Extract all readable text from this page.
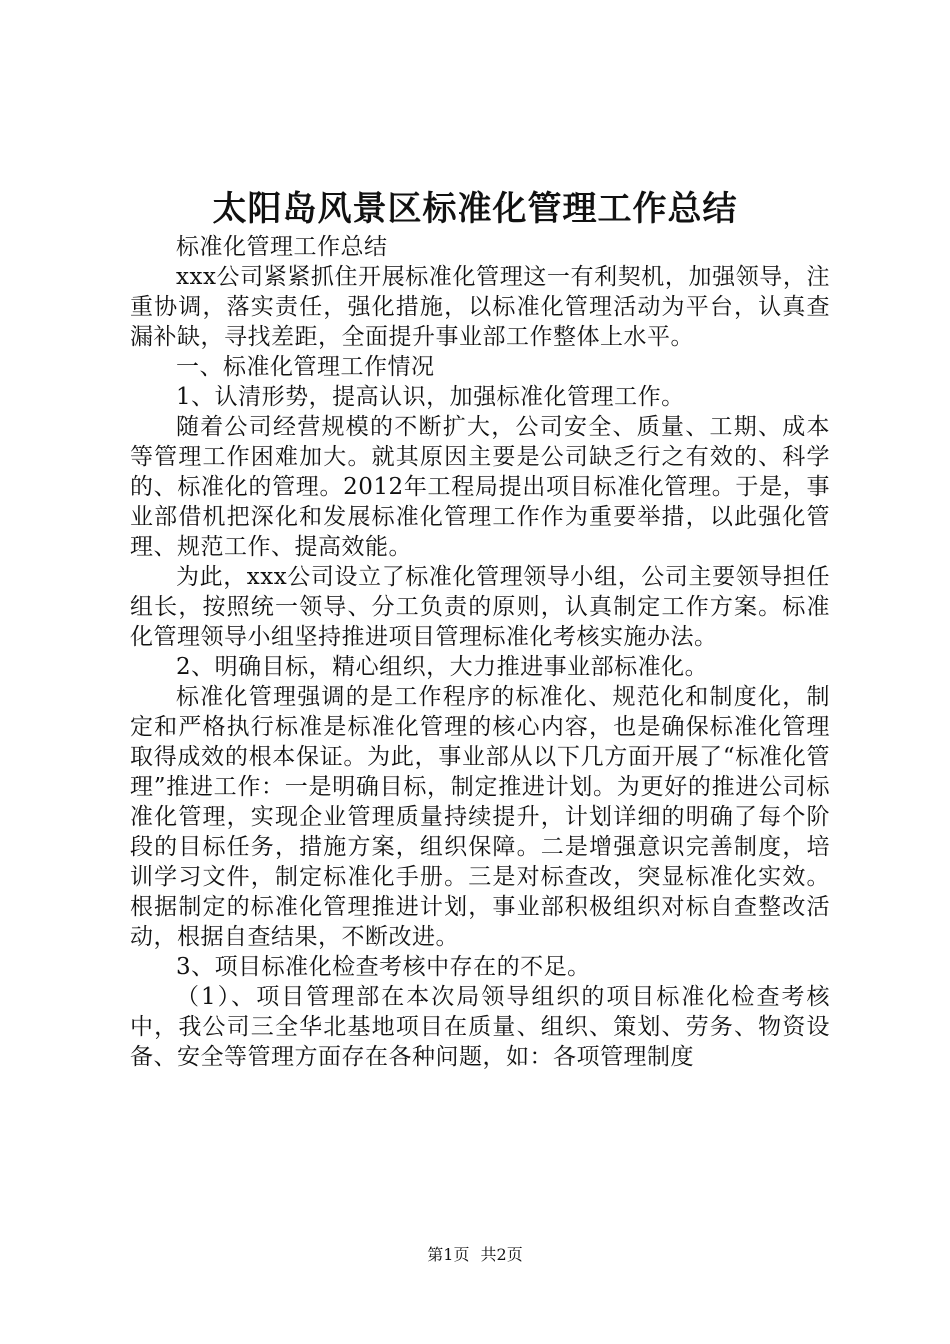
太阳岛风景区标准化管理工作总结

标准化管理工作总结

xxx公司紧紧抓住开展标准化管理这一有利契机，加强领导，注重协调，落实责任，强化措施，以标准化管理活动为平台，认真查漏补缺，寻找差距，全面提升事业部工作整体上水平。

一、标准化管理工作情况

1、认清形势，提高认识，加强标准化管理工作。

随着公司经营规模的不断扩大，公司安全、质量、工期、成本等管理工作困难加大。就其原因主要是公司缺乏行之有效的、科学的、标准化的管理。2012年工程局提出项目标准化管理。于是，事业部借机把深化和发展标准化管理工作作为重要举措，以此强化管理、规范工作、提高效能。

为此，xxx公司设立了标准化管理领导小组，公司主要领导担任组长，按照统一领导、分工负责的原则，认真制定工作方案。标准化管理领导小组坚持推进项目管理标准化考核实施办法。

2、明确目标，精心组织，大力推进事业部标准化。

标准化管理强调的是工作程序的标准化、规范化和制度化，制定和严格执行标准是标准化管理的核心内容，也是确保标准化管理取得成效的根本保证。为此，事业部从以下几方面开展了“标准化管理”推进工作：一是明确目标，制定推进计划。为更好的推进公司标准化管理，实现企业管理质量持续提升，计划详细的明确了每个阶段的目标任务，措施方案，组织保障。二是增强意识完善制度，培训学习文件，制定标准化手册。三是对标查改，突显标准化实效。根据制定的标准化管理推进计划，事业部积极组织对标自查整改活动，根据自查结果，不断改进。

3、项目标准化检查考核中存在的不足。

（1）、项目管理部在本次局领导组织的项目标准化检查考核中，我公司三全华北基地项目在质量、组织、策划、劳务、物资设备、安全等管理方面存在各种问题，如：各项管理制度

第1页 共2页
